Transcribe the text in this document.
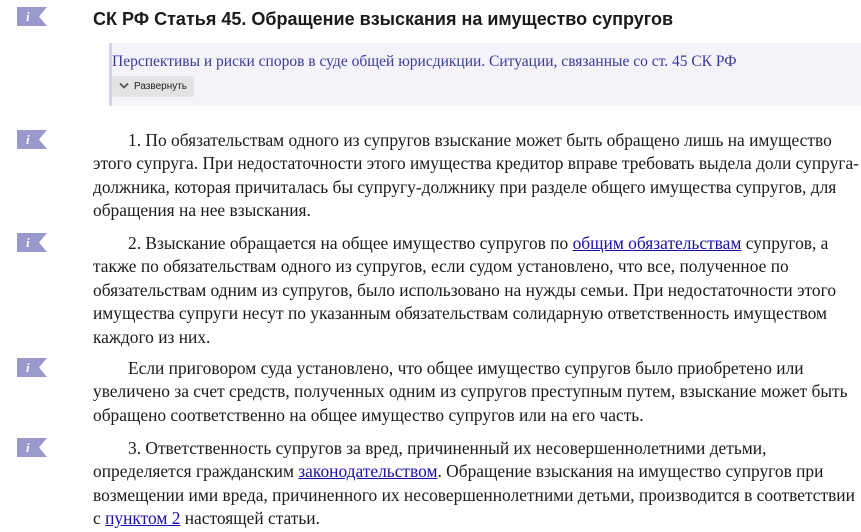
i
i
i
i
i
СК РФ Статья 45. Обращение взыскания на имущество супругов

Перспективы и риски споров в суде общей юрисдикции. Ситуации, связанные со ст. 45 СК РФ

Развернуть

1. По обязательствам одного из супругов взыскание может быть обращено лишь на имущество этого супруга. При недостаточности этого имущества кредитор вправе требовать выдела доли супруга-должника, которая причиталась бы супругу-должнику при разделе общего имущества супругов, для обращения на нее взыскания.

2. Взыскание обращается на общее имущество супругов по общим обязательствам супругов, а также по обязательствам одного из супругов, если судом установлено, что все, полученное по обязательствам одним из супругов, было использовано на нужды семьи. При недостаточности этого имущества супруги несут по указанным обязательствам солидарную ответственность имуществом каждого из них.

Если приговором суда установлено, что общее имущество супругов было приобретено или увеличено за счет средств, полученных одним из супругов преступным путем, взыскание может быть обращено соответственно на общее имущество супругов или на его часть.

3. Ответственность супругов за вред, причиненный их несовершеннолетними детьми, определяется гражданским законодательством. Обращение взыскания на имущество супругов при возмещении ими вреда, причиненного их несовершеннолетними детьми, производится в соответствии с пунктом 2 настоящей статьи.
